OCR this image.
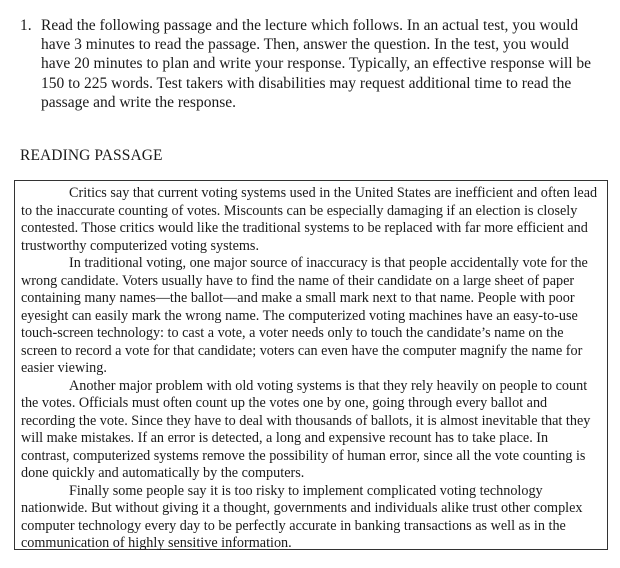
1. Read the following passage and the lecture which follows. In an actual test, you would have 3 minutes to read the passage. Then, answer the question. In the test, you would have 20 minutes to plan and write your response. Typically, an effective response will be 150 to 225 words. Test takers with disabilities may request additional time to read the passage and write the response.
READING PASSAGE

Critics say that current voting systems used in the United States are inefficient and often lead to the inaccurate counting of votes. Miscounts can be especially damaging if an election is closely contested. Those critics would like the traditional systems to be replaced with far more efficient and trustworthy computerized voting systems.

In traditional voting, one major source of inaccuracy is that people accidentally vote for the wrong candidate. Voters usually have to find the name of their candidate on a large sheet of paper containing many names—the ballot—and make a small mark next to that name. People with poor eyesight can easily mark the wrong name. The computerized voting machines have an easy-to-use touch-screen technology: to cast a vote, a voter needs only to touch the candidate’s name on the screen to record a vote for that candidate; voters can even have the computer magnify the name for easier viewing.

Another major problem with old voting systems is that they rely heavily on people to count the votes. Officials must often count up the votes one by one, going through every ballot and recording the vote. Since they have to deal with thousands of ballots, it is almost inevitable that they will make mistakes. If an error is detected, a long and expensive recount has to take place. In contrast, computerized systems remove the possibility of human error, since all the vote counting is done quickly and automatically by the computers.

Finally some people say it is too risky to implement complicated voting technology nationwide. But without giving it a thought, governments and individuals alike trust other complex computer technology every day to be perfectly accurate in banking transactions as well as in the communication of highly sensitive information.
